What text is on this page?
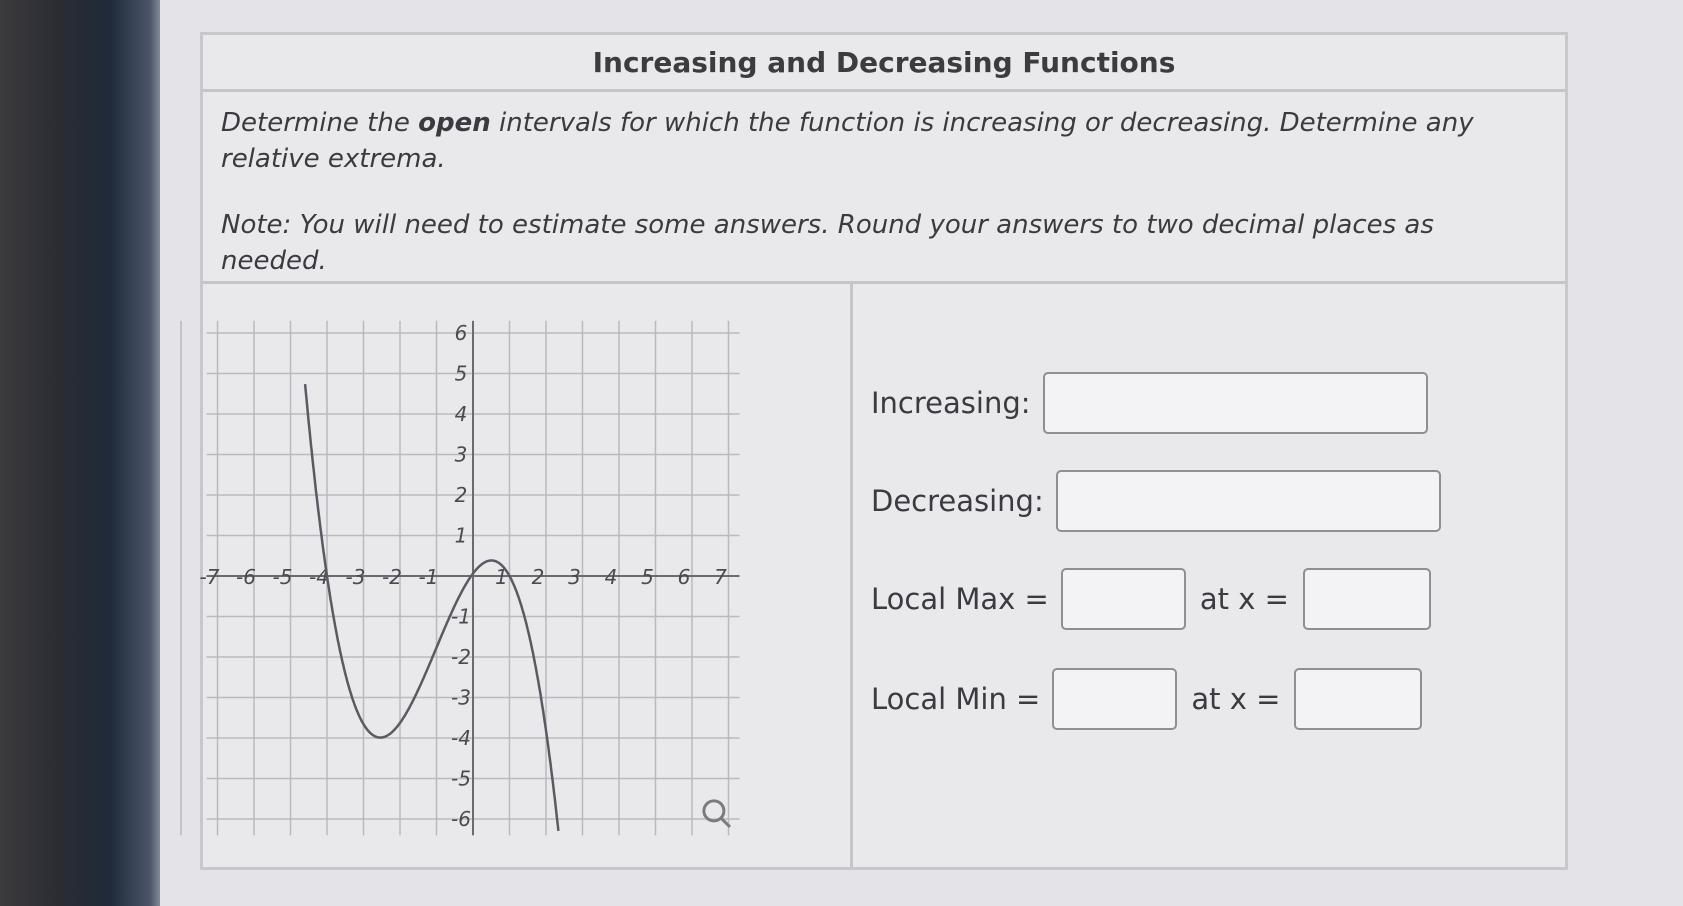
Increasing and Decreasing Functions

Determine the open intervals for which the function is increasing or decreasing. Determine any relative extrema.

Note: You will need to estimate some answers. Round your answers to two decimal places as needed.

-7 -6 -5 -4 -3 -2 -1	1 2 3 4 5 6 7
6
5
4
3
2
1
-1
-2
-3
-4
-5
-6
Increasing:
Decreasing:
Local Max =	at x =
Local Min =	at x =
